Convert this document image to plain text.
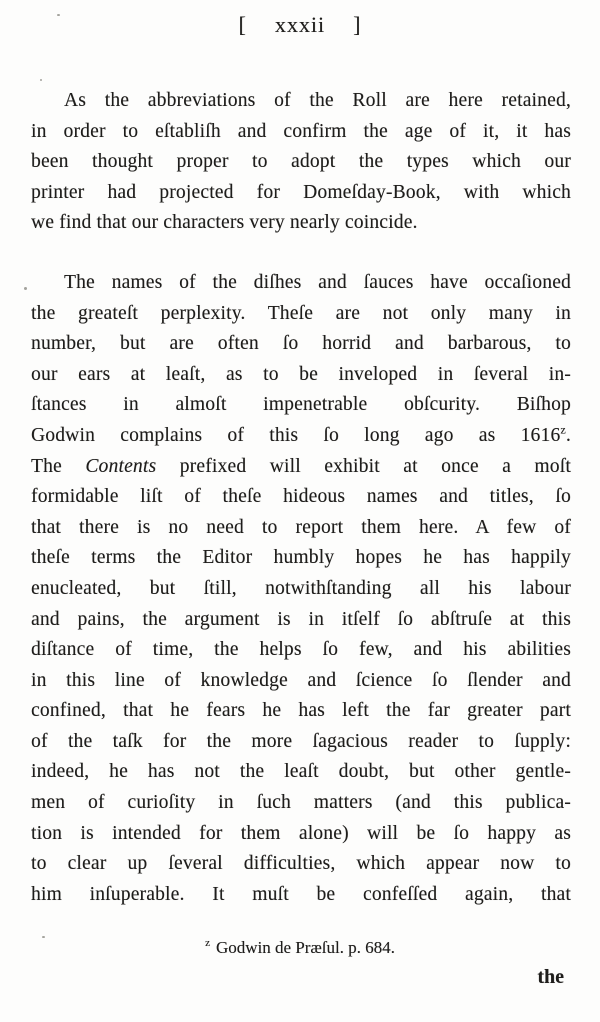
[ xxxii ]
As the abbreviations of the Roll are here retained,
in order to eſtabliſh and confirm the age of it, it has
been thought proper to adopt the types which our
printer had projected for Domeſday-Book, with which
we find that our characters very nearly coincide.
The names of the diſhes and ſauces have occaſioned
the greateſt perplexity. Theſe are not only many in
number, but are often ſo horrid and barbarous, to
our ears at leaſt, as to be inveloped in ſeveral in-
ſtances in almoſt impenetrable obſcurity. Biſhop
Godwin complains of this ſo long ago as 1616$^z$.
The Contents prefixed will exhibit at once a moſt
formidable liſt of theſe hideous names and titles, ſo
that there is no need to report them here. A few of
theſe terms the Editor humbly hopes he has happily
enucleated, but ſtill, notwithſtanding all his labour
and pains, the argument is in itſelf ſo abſtruſe at this
diſtance of time, the helps ſo few, and his abilities
in this line of knowledge and ſcience ſo ſlender and
confined, that he fears he has left the far greater part
of the taſk for the more ſagacious reader to ſupply:
indeed, he has not the leaſt doubt, but other gentle-
men of curioſity in ſuch matters (and this publica-
tion is intended for them alone) will be ſo happy as
to clear up ſeveral difficulties, which appear now to
him inſuperable. It muſt be confeſſed again, that
$^z$ Godwin de Præſul. p. 684.
the
